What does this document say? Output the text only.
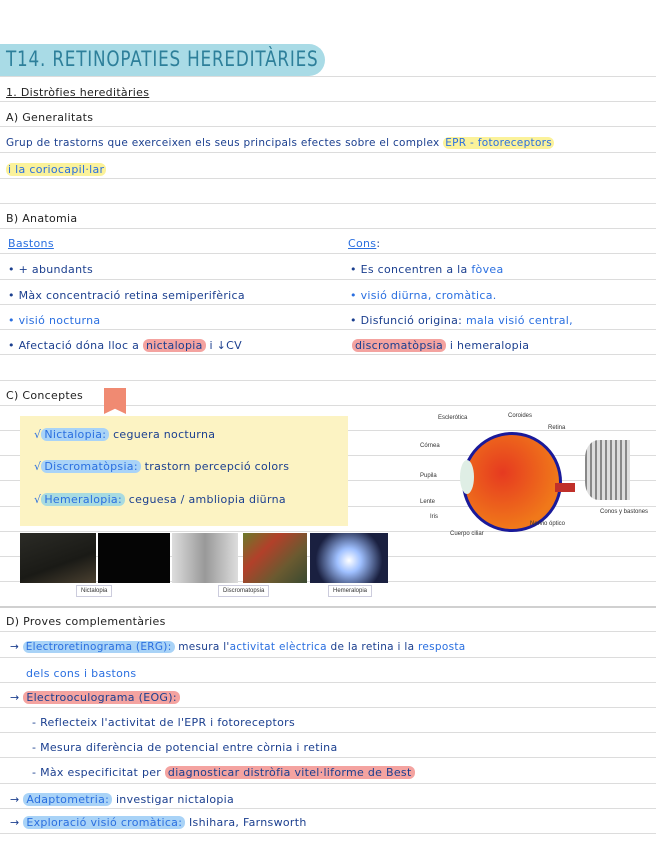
T14. RETINOPATIES HEREDITÀRIES
1. Distròfies hereditàries
A) Generalitats
Grup de trastorns que exerceixen els seus principals efectes sobre el complex EPR - fotoreceptors
i la coriocapil·lar
B) Anatomia
Bastons
• + abundants
• Màx concentració retina semiperifèrica
• visió nocturna
• Afectació dóna lloc a nictalopia i ↓CV
Cons:
• Es concentren a la fòvea
• visió diürna, cromàtica.
• Disfunció origina: mala visió central,
discromatòpsia i hemeralopia
C) Conceptes
√ Nictalopia: ceguera nocturna
√ Discromatòpsia: trastorn percepció colors
√ Hemeralopia: ceguesa / ambliopia diürna
Nictalopia	Discromatopsia	Hemeralopia
Esclerótica	Coroides
Retina
Córnea
Pupila
Lente
Iris
Cuerpo ciliar
Nervio óptico
Conos y bastones
D) Proves complementàries
→ Electroretinograma (ERG): mesura l'activitat elèctrica de la retina i la resposta
dels cons i bastons
→ Electrooculograma (EOG):
- Reflecteix l'activitat de l'EPR i fotoreceptors
- Mesura diferència de potencial entre còrnia i retina
- Màx especificitat per diagnosticar distròfia vitel·liforme de Best
→ Adaptometria: investigar nictalopia
→ Exploració visió cromàtica: Ishihara, Farnsworth
